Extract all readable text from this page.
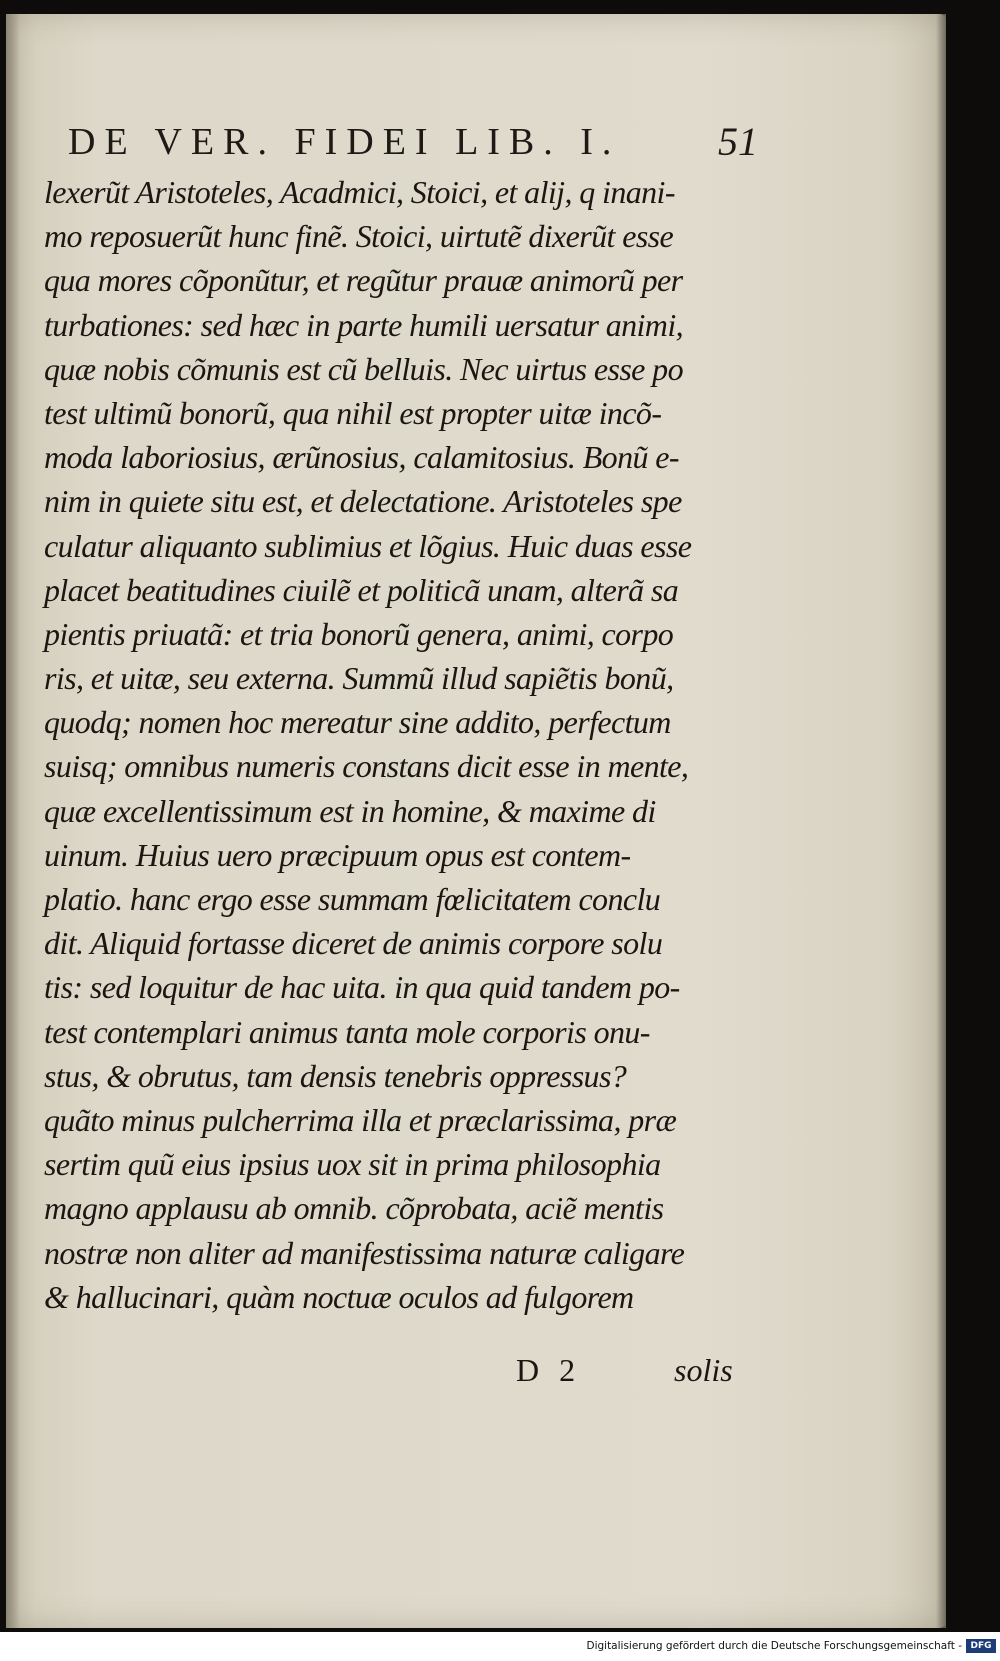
DE VER. FIDEI LIB. I. 51
lexerũt Aristoteles, Acadmici, Stoici, et alij, q inani-
mo reposuerũt hunc finẽ. Stoici, uirtutẽ dixerũt esse
qua mores cõponũtur, et regũtur prauæ animorũ per
turbationes: sed hæc in parte humili uersatur animi,
quæ nobis cõmunis est cũ belluis. Nec uirtus esse po
test ultimũ bonorũ, qua nihil est propter uitæ incõ-
moda laboriosius, ærũnosius, calamitosius. Bonũ e-
nim in quiete situ est, et delectatione. Aristoteles spe
culatur aliquanto sublimius et lõgius. Huic duas esse
placet beatitudines ciuilẽ et politicã unam, alterã sa
pientis priuatã: et tria bonorũ genera, animi, corpo
ris, et uitæ, seu externa. Summũ illud sapiẽtis bonũ,
quodq; nomen hoc mereatur sine addito, perfectum
suisq; omnibus numeris constans dicit esse in mente,
quæ excellentissimum est in homine, & maxime di
uinum. Huius uero præcipuum opus est contem-
platio. hanc ergo esse summam fœlicitatem conclu
dit. Aliquid fortasse diceret de animis corpore solu
tis: sed loquitur de hac uita. in qua quid tandem po-
test contemplari animus tanta mole corporis onu-
stus, & obrutus, tam densis tenebris oppressus?
quãto minus pulcherrima illa et præclarissima, præ
sertim quũ eius ipsius uox sit in prima philosophia
magno applausu ab omnib. cõprobata, aciẽ mentis
nostræ non aliter ad manifestissima naturæ caligare
& hallucinari, quàm noctuæ oculos ad fulgorem
D 2	solis
Digitalisierung gefördert durch die Deutsche Forschungsgemeinschaft - DFG
